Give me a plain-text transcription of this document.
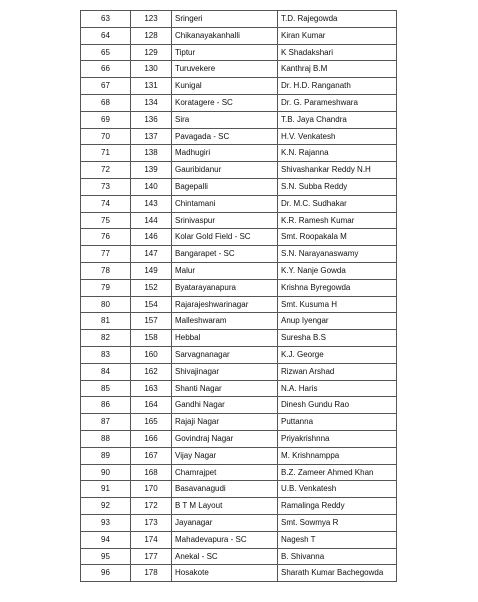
63	123	Sringeri	T.D. Rajegowda
64	128	Chikanayakanhalli	Kiran Kumar
65	129	Tiptur	K Shadakshari
66	130	Turuvekere	Kanthraj B.M
67	131	Kunigal	Dr. H.D. Ranganath
68	134	Koratagere - SC	Dr. G. Parameshwara
69	136	Sira	T.B. Jaya Chandra
70	137	Pavagada - SC	H.V. Venkatesh
71	138	Madhugiri	K.N. Rajanna
72	139	Gauribidanur	Shivashankar Reddy N.H
73	140	Bagepalli	S.N. Subba Reddy
74	143	Chintamani	Dr. M.C. Sudhakar
75	144	Srinivaspur	K.R. Ramesh Kumar
76	146	Kolar Gold Field - SC	Smt. Roopakala M
77	147	Bangarapet - SC	S.N. Narayanaswamy
78	149	Malur	K.Y. Nanje Gowda
79	152	Byatarayanapura	Krishna Byregowda
80	154	Rajarajeshwarinagar	Smt. Kusuma H
81	157	Malleshwaram	Anup Iyengar
82	158	Hebbal	Suresha B.S
83	160	Sarvagnanagar	K.J. George
84	162	Shivajinagar	Rizwan Arshad
85	163	Shanti Nagar	N.A. Haris
86	164	Gandhi Nagar	Dinesh Gundu Rao
87	165	Rajaji Nagar	Puttanna
88	166	Govindraj Nagar	Priyakrishnna
89	167	Vijay Nagar	M. Krishnamppa
90	168	Chamrajpet	B.Z. Zameer Ahmed Khan
91	170	Basavanagudi	U.B. Venkatesh
92	172	B T M Layout	Ramalinga Reddy
93	173	Jayanagar	Smt. Sowmya R
94	174	Mahadevapura - SC	Nagesh T
95	177	Anekal - SC	B. Shivanna
96	178	Hosakote	Sharath Kumar Bachegowda
